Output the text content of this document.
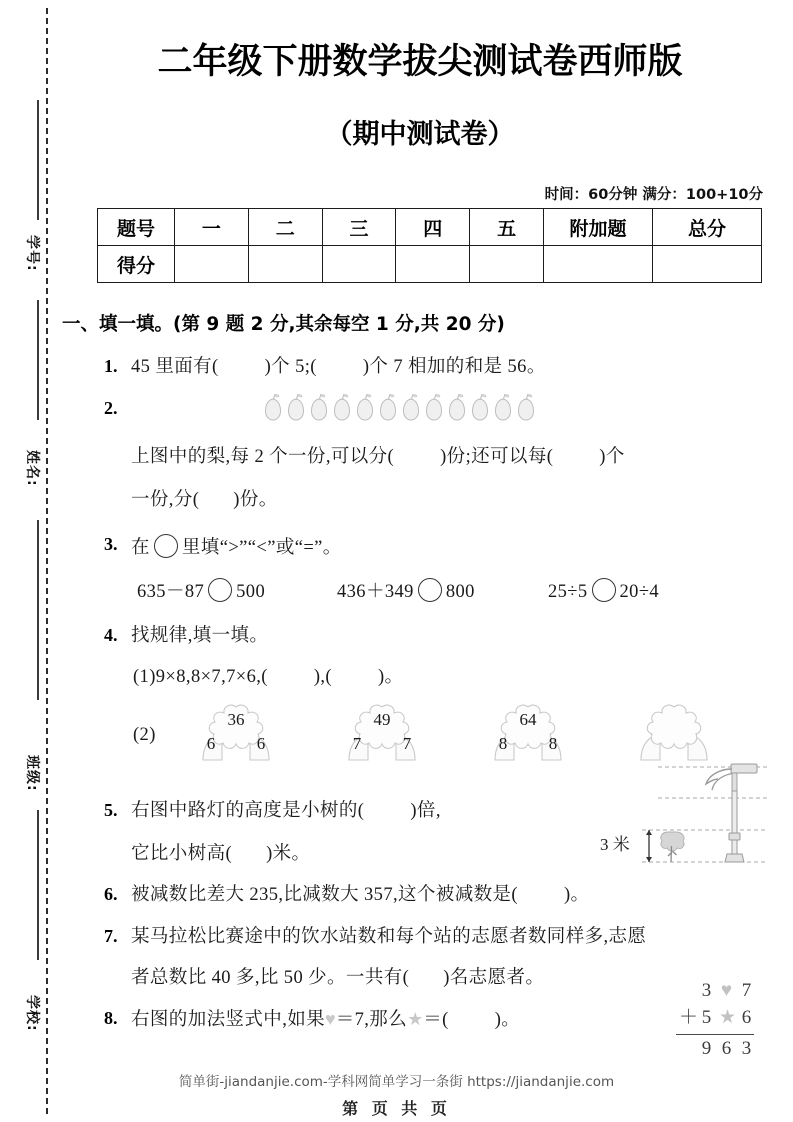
学号:
姓名:
班级:
学校:
二年级下册数学拔尖测试卷西师版
（期中测试卷）
时间：60分钟 满分：100+10分
题号	一	二	三	四	五	附加题	总分
得分							
一、填一填。(第 9 题 2 分,其余每空 1 分,共 20 分)
1. 45 里面有( )个 5;( )个 7 相加的和是 56。
2.
上图中的梨,每 2 个一份,可以分( )份;还可以每( )个
一份,分( )份。
3. 在 里填“>”“<”或“=”。
635－87 500	436＋349 800	25÷5 20÷4
4. 找规律,填一填。
(1)9×8,8×7,7×6,( ),( )。
(2)
36
6	6
49
7	7
64
8	8
5. 右图中路灯的高度是小树的( )倍,
它比小树高( )米。	3 米
6. 被减数比差大 235,比减数大 357,这个被减数是( )。
7. 某马拉松比赛途中的饮水站数和每个站的志愿者数同样多,志愿
者总数比 40 多,比 50 少。一共有( )名志愿者。
8. 右图的加法竖式中,如果♥＝7,那么★＝( )。
3 ♥ 7
＋ 5 ★ 6
9 6 3
简单街-jiandanjie.com-学科网简单学习一条街 https://jiandanjie.com
第 页 共 页
